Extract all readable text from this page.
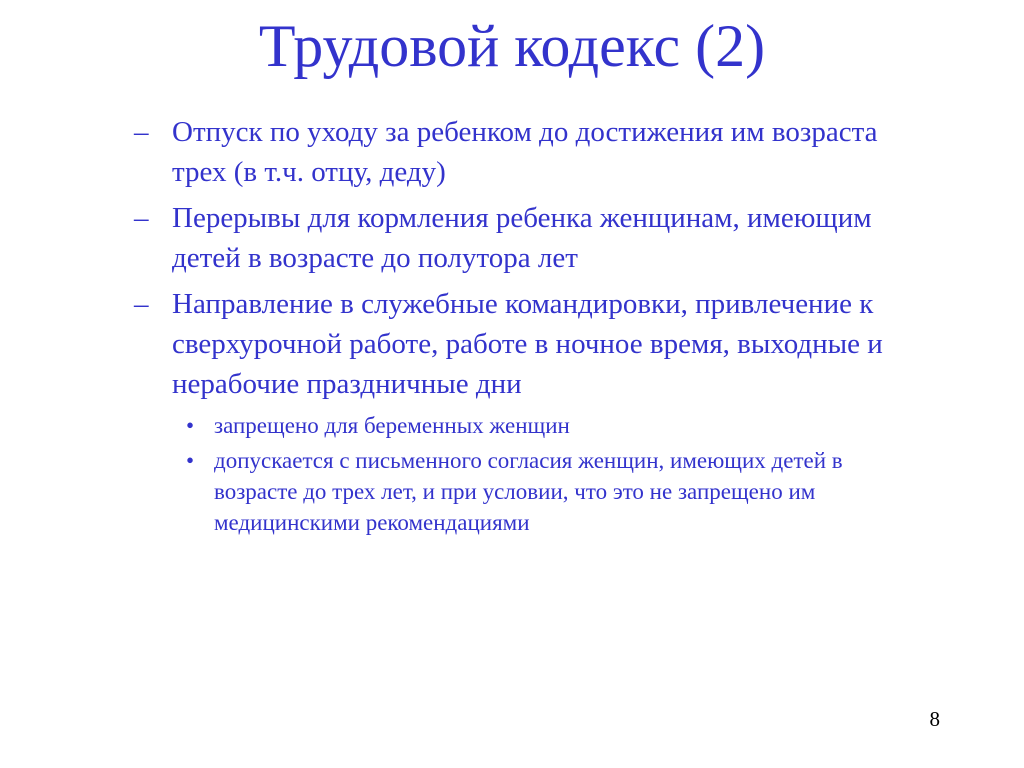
Трудовой кодекс (2)
– Отпуск по уходу за ребенком до достижения им возраста трех (в т.ч. отцу, деду)
– Перерывы для кормления ребенка женщинам, имеющим детей в возрасте до полутора лет
– Направление в служебные командировки, привлечение к сверхурочной работе, работе в ночное время, выходные и нерабочие праздничные дни
• запрещено для беременных женщин
• допускается с письменного согласия женщин, имеющих детей в возрасте до трех лет, и при условии, что это не запрещено им медицинскими рекомендациями
8
